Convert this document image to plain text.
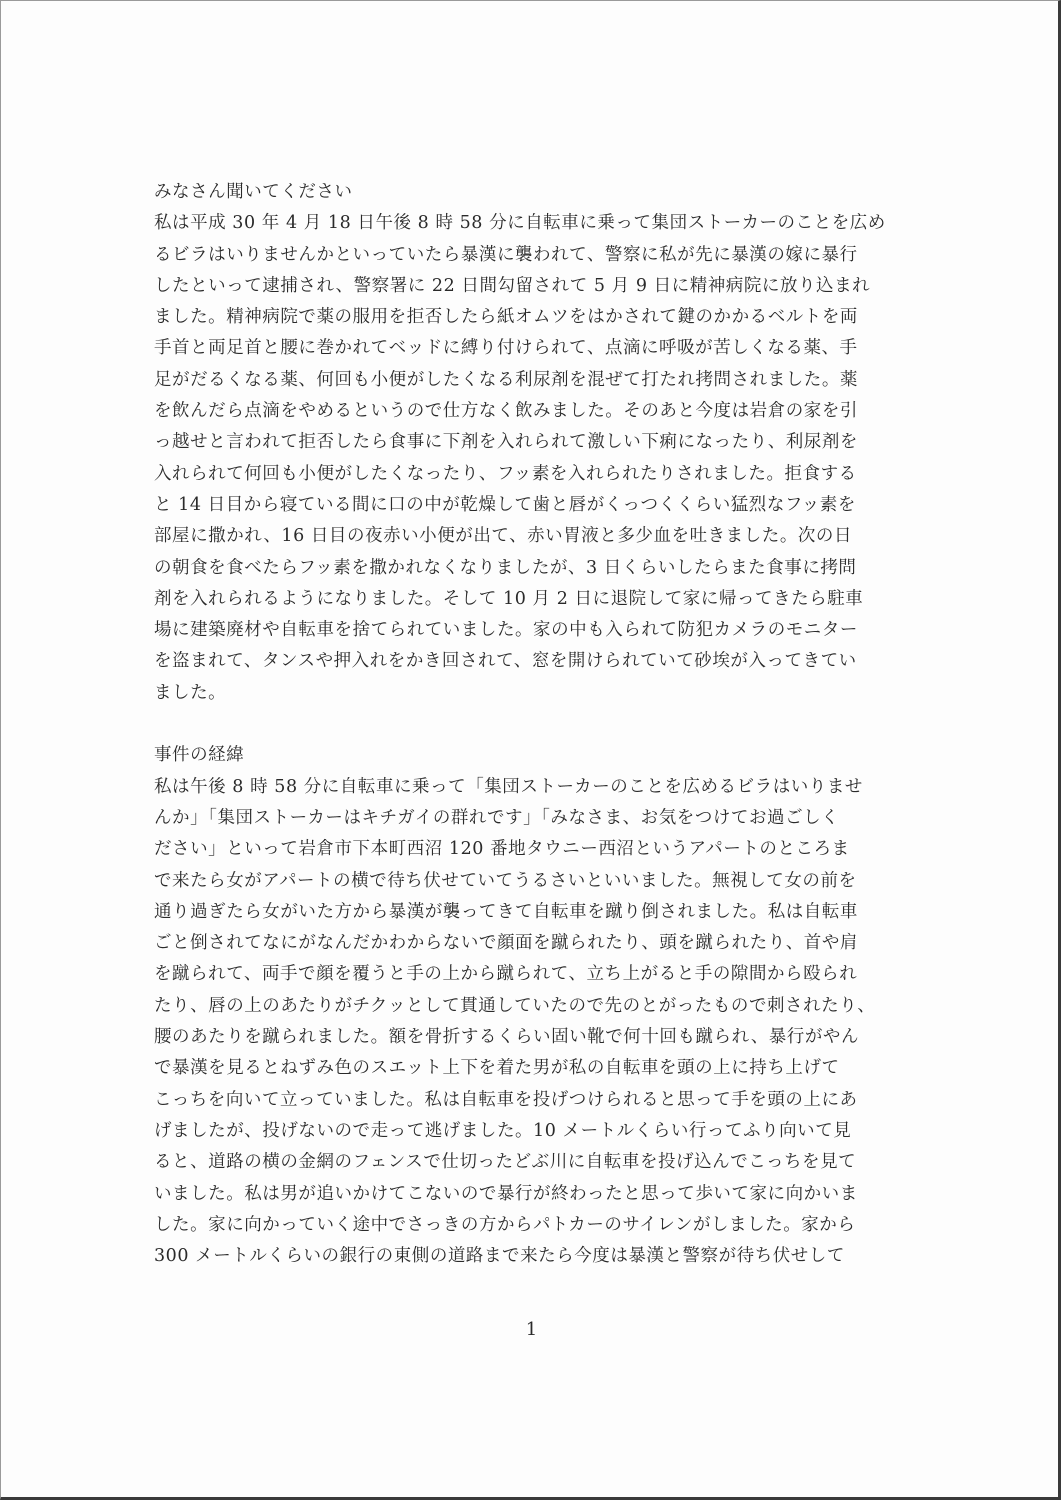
みなさん聞いてください
私は平成 30 年 4 月 18 日午後 8 時 58 分に自転車に乗って集団ストーカーのことを広め
るビラはいりませんかといっていたら暴漢に襲われて、警察に私が先に暴漢の嫁に暴行
したといって逮捕され、警察署に 22 日間勾留されて 5 月 9 日に精神病院に放り込まれ
ました。精神病院で薬の服用を拒否したら紙オムツをはかされて鍵のかかるベルトを両
手首と両足首と腰に巻かれてベッドに縛り付けられて、点滴に呼吸が苦しくなる薬、手
足がだるくなる薬、何回も小便がしたくなる利尿剤を混ぜて打たれ拷問されました。薬
を飲んだら点滴をやめるというので仕方なく飲みました。そのあと今度は岩倉の家を引
っ越せと言われて拒否したら食事に下剤を入れられて激しい下痢になったり、利尿剤を
入れられて何回も小便がしたくなったり、フッ素を入れられたりされました。拒食する
と 14 日目から寝ている間に口の中が乾燥して歯と唇がくっつくくらい猛烈なフッ素を
部屋に撒かれ、16 日目の夜赤い小便が出て、赤い胃液と多少血を吐きました。次の日
の朝食を食べたらフッ素を撒かれなくなりましたが、3 日くらいしたらまた食事に拷問
剤を入れられるようになりました。そして 10 月 2 日に退院して家に帰ってきたら駐車
場に建築廃材や自転車を捨てられていました。家の中も入られて防犯カメラのモニター
を盗まれて、タンスや押入れをかき回されて、窓を開けられていて砂埃が入ってきてい
ました。
事件の経緯
私は午後 8 時 58 分に自転車に乗って「集団ストーカーのことを広めるビラはいりませ
んか」「集団ストーカーはキチガイの群れです」「みなさま、お気をつけてお過ごしく
ださい」といって岩倉市下本町西沼 120 番地タウニー西沼というアパートのところま
で来たら女がアパートの横で待ち伏せていてうるさいといいました。無視して女の前を
通り過ぎたら女がいた方から暴漢が襲ってきて自転車を蹴り倒されました。私は自転車
ごと倒されてなにがなんだかわからないで顔面を蹴られたり、頭を蹴られたり、首や肩
を蹴られて、両手で顔を覆うと手の上から蹴られて、立ち上がると手の隙間から殴られ
たり、唇の上のあたりがチクッとして貫通していたので先のとがったもので刺されたり、
腰のあたりを蹴られました。額を骨折するくらい固い靴で何十回も蹴られ、暴行がやん
で暴漢を見るとねずみ色のスエット上下を着た男が私の自転車を頭の上に持ち上げて
こっちを向いて立っていました。私は自転車を投げつけられると思って手を頭の上にあ
げましたが、投げないので走って逃げました。10 メートルくらい行ってふり向いて見
ると、道路の横の金網のフェンスで仕切ったどぶ川に自転車を投げ込んでこっちを見て
いました。私は男が追いかけてこないので暴行が終わったと思って歩いて家に向かいま
した。家に向かっていく途中でさっきの方からパトカーのサイレンがしました。家から
300 メートルくらいの銀行の東側の道路まで来たら今度は暴漢と警察が待ち伏せして
1
